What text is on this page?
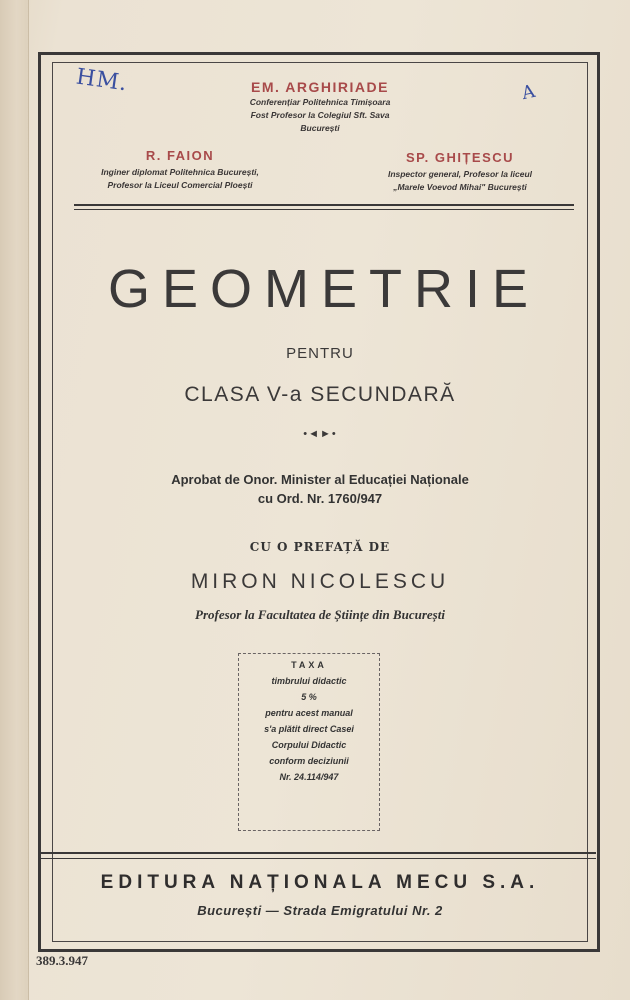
HM.	A
EM. ARGHIRIADE
Conferențiar Politehnica Timișoara
Fost Profesor la Colegiul Sft. Sava
București
R. FAION
Inginer diplomat Politehnica București,
Profesor la Liceul Comercial Ploești
SP. GHIȚESCU
Inspector general, Profesor la liceul
„Marele Voevod Mihai" București
GEOMETRIE
PENTRU
CLASA V-a SECUNDARĂ
•◄►•
Aprobat de Onor. Minister al Educației Naționale
cu Ord. Nr. 1760/947
CU O PREFAȚĂ DE
MIRON NICOLESCU
Profesor la Facultatea de Științe din București
TAXA
timbrului didactic
5 %
pentru acest manual
s'a plătit direct Casei
Corpului Didactic
conform deciziunii
Nr. 24.114/947
EDITURA NAȚIONALA MECU S.A.
București — Strada Emigratului Nr. 2
389.3.947
